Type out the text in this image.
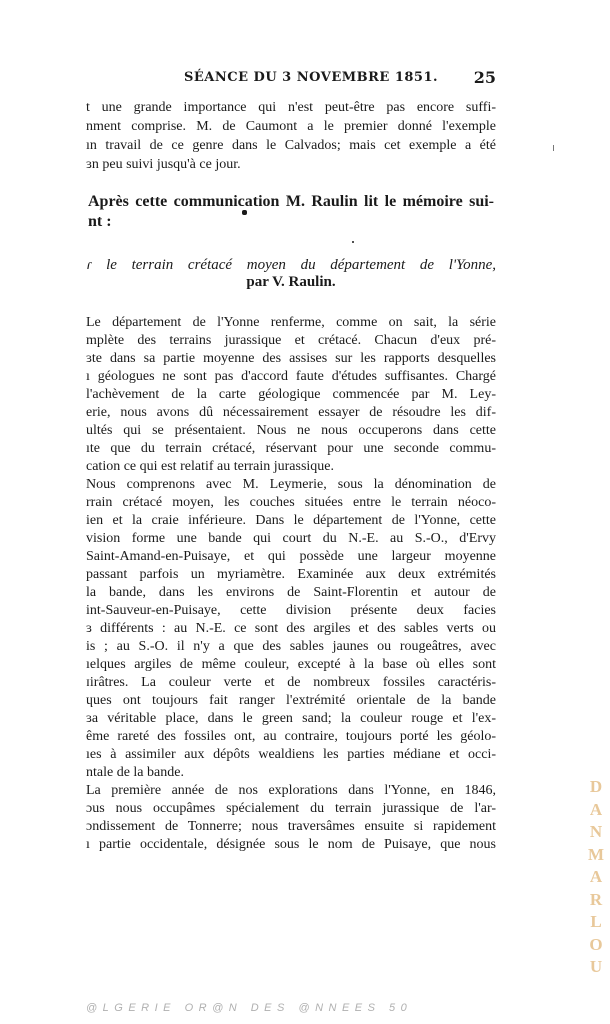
SÉANCE DU 3 NOVEMBRE 1851. 25
t une grande importance qui n'est peut-être pas encore suffi-
nment comprise. M. de Caumont a le premier donné l'exemple
ın travail de ce genre dans le Calvados; mais cet exemple a été
ɜn peu suivi jusqu'à ce jour.
Après cette communication M. Raulin lit le mémoire sui-
nt :
ɾ le terrain crétacé moyen du département de l'Yonne,
par V. Raulin.
Le département de l'Yonne renferme, comme on sait, la série
mplète des terrains jurassique et crétacé. Chacun d'eux pré-
ɜte dans sa partie moyenne des assises sur les rapports desquelles
ı géologues ne sont pas d'accord faute d'études suffisantes. Chargé
l'achèvement de la carte géologique commencée par M. Ley-
erie, nous avons dû nécessairement essayer de résoudre les dif-
ultés qui se présentaient. Nous ne nous occuperons dans cette
ıte que du terrain crétacé, réservant pour une seconde commu-
cation ce qui est relatif au terrain jurassique.
Nous comprenons avec M. Leymerie, sous la dénomination de
rrain crétacé moyen, les couches situées entre le terrain néoco-
ien et la craie inférieure. Dans le département de l'Yonne, cette
vision forme une bande qui court du N.-E. au S.-O., d'Ervy
Saint-Amand-en-Puisaye, et qui possède une largeur moyenne
passant parfois un myriamètre. Examinée aux deux extrémités
la bande, dans les environs de Saint-Florentin et autour de
int-Sauveur-en-Puisaye, cette division présente deux facies
ɜ différents : au N.-E. ce sont des argiles et des sables verts ou
is ; au S.-O. il n'y a que des sables jaunes ou rougeâtres, avec
ıelques argiles de même couleur, excepté à la base où elles sont
ɪirâtres. La couleur verte et de nombreux fossiles caractéris-
ɥues ont toujours fait ranger l'extrémité orientale de la bande
ɜa véritable place, dans le green sand; la couleur rouge et l'ex-
ême rareté des fossiles ont, au contraire, toujours porté les géolo-
ıes à assimiler aux dépôts wealdiens les parties médiane et occi-
ntale de la bande.
La première année de nos explorations dans l'Yonne, en 1846,
ɔus nous occupâmes spécialement du terrain jurassique de l'ar-
ɔndissement de Tonnerre; nous traversâmes ensuite si rapidement
ı partie occidentale, désignée sous le nom de Puisaye, que nous
DANMARLOU
@LGERIE OR@N DES @NNEES 50
